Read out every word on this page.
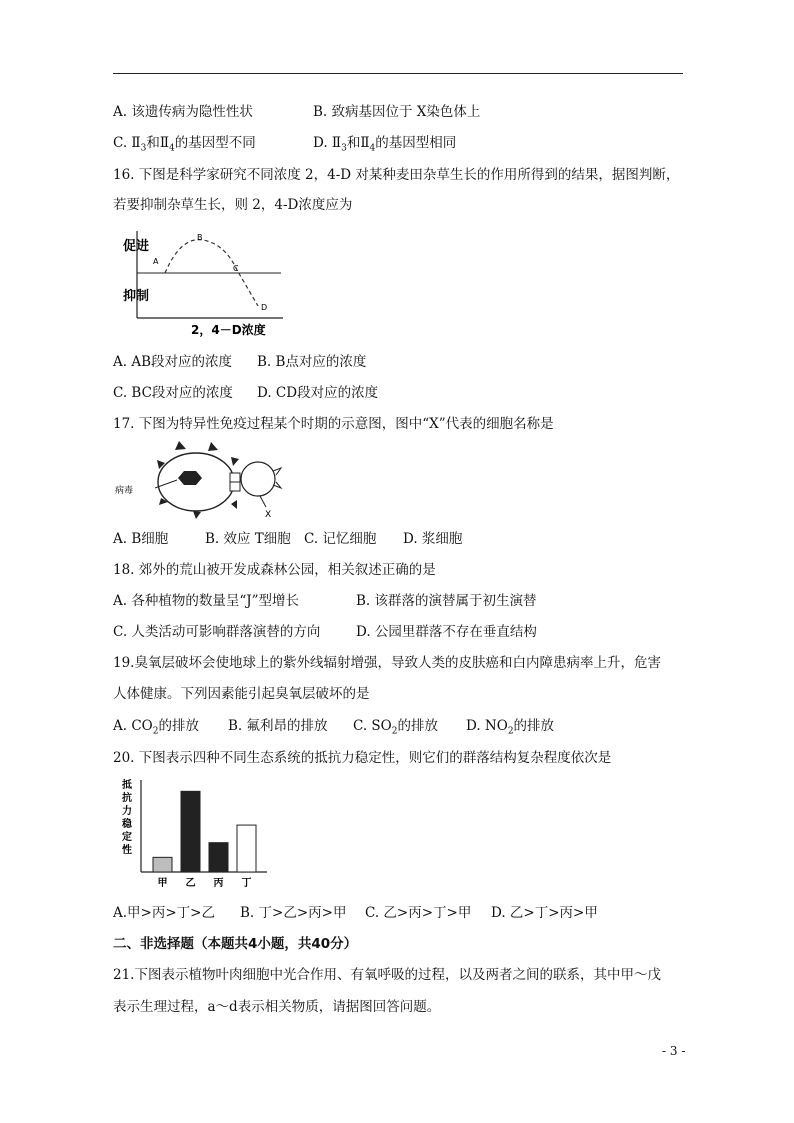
A. 该遗传病为隐性性状	B. 致病基因位于 X染色体上
C. $Ⅱ_3$和$Ⅱ_4$的基因型不同	D. $Ⅱ_3$和$Ⅱ_4$的基因型相同
16. 下图是科学家研究不同浓度 2，4-D 对某种麦田杂草生长的作用所得到的结果，据图判断，
若要抑制杂草生长，则 2，4-D浓度应为
促进
抑制
A
B
C
D
2，4－D浓度
A. AB段对应的浓度 B. B点对应的浓度
C. BC段对应的浓度 D. CD段对应的浓度
17. 下图为特异性免疫过程某个时期的示意图，图中“X”代表的细胞名称是
病毒
X
A. B细胞	B. 效应 T细胞 C. 记忆细胞 D. 浆细胞
18. 郊外的荒山被开发成森林公园，相关叙述正确的是
A. 各种植物的数量呈“J”型增长	B. 该群落的演替属于初生演替
C. 人类活动可影响群落演替的方向	D. 公园里群落不存在垂直结构
19.臭氧层破坏会使地球上的紫外线辐射增强，导致人类的皮肤癌和白内障患病率上升，危害
人体健康。下列因素能引起臭氧层破坏的是
A. $CO_2$的排放 B. 氟利昂的排放 C. $SO_2$的排放 D. $NO_2$的排放
20. 下图表示四种不同生态系统的抵抗力稳定性，则它们的群落结构复杂程度依次是
抵
抗
力
稳
定
性
甲 乙 丙 丁
A.甲>丙>丁>乙 B. 丁>乙>丙>甲 C. 乙>丙>丁>甲 D. 乙>丁>丙>甲
二、非选择题（本题共4小题，共40分）
21.下图表示植物叶肉细胞中光合作用、有氧呼吸的过程，以及两者之间的联系，其中甲～戊
表示生理过程，a～d表示相关物质，请据图回答问题。
- 3 -
